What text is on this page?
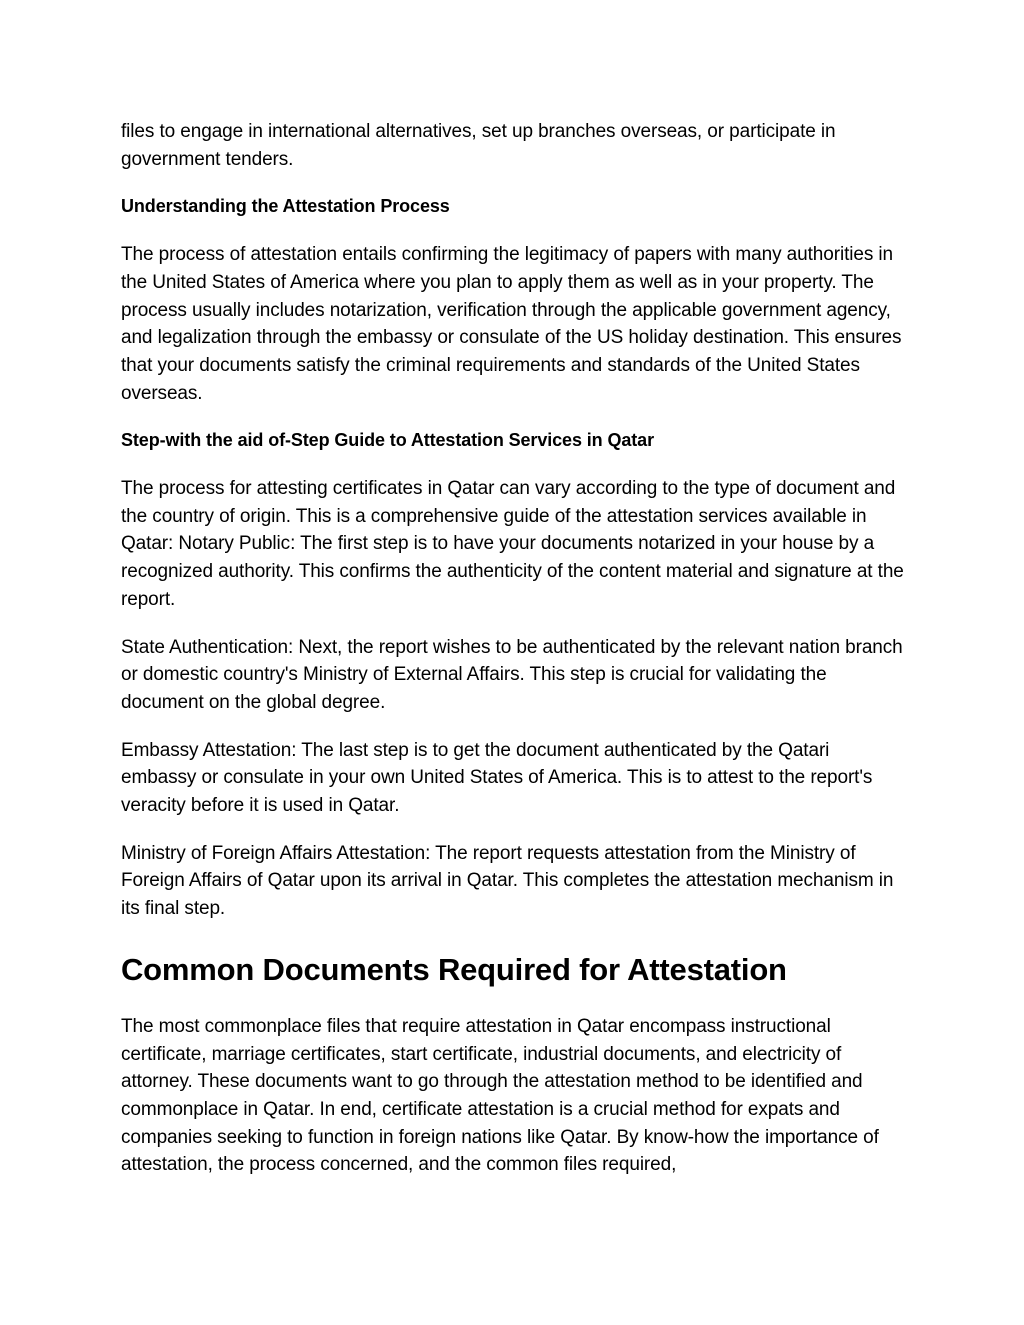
files to engage in international alternatives, set up branches overseas, or participate in government tenders.

Understanding the Attestation Process

The process of attestation entails confirming the legitimacy of papers with many authorities in the United States of America where you plan to apply them as well as in your property. The process usually includes notarization, verification through the applicable government agency, and legalization through the embassy or consulate of the US holiday destination. This ensures that your documents satisfy the criminal requirements and standards of the United States overseas.

Step-with the aid of-Step Guide to Attestation Services in Qatar

The process for attesting certificates in Qatar can vary according to the type of document and the country of origin. This is a comprehensive guide of the attestation services available in Qatar: Notary Public: The first step is to have your documents notarized in your house by a recognized authority. This confirms the authenticity of the content material and signature at the report.

State Authentication: Next, the report wishes to be authenticated by the relevant nation branch or domestic country's Ministry of External Affairs. This step is crucial for validating the document on the global degree.

Embassy Attestation: The last step is to get the document authenticated by the Qatari embassy or consulate in your own United States of America. This is to attest to the report's veracity before it is used in Qatar.

Ministry of Foreign Affairs Attestation: The report requests attestation from the Ministry of Foreign Affairs of Qatar upon its arrival in Qatar. This completes the attestation mechanism in its final step.

Common Documents Required for Attestation

The most commonplace files that require attestation in Qatar encompass instructional certificate, marriage certificates, start certificate, industrial documents, and electricity of attorney. These documents want to go through the attestation method to be identified and commonplace in Qatar. In end, certificate attestation is a crucial method for expats and companies seeking to function in foreign nations like Qatar. By know-how the importance of attestation, the process concerned, and the common files required,
